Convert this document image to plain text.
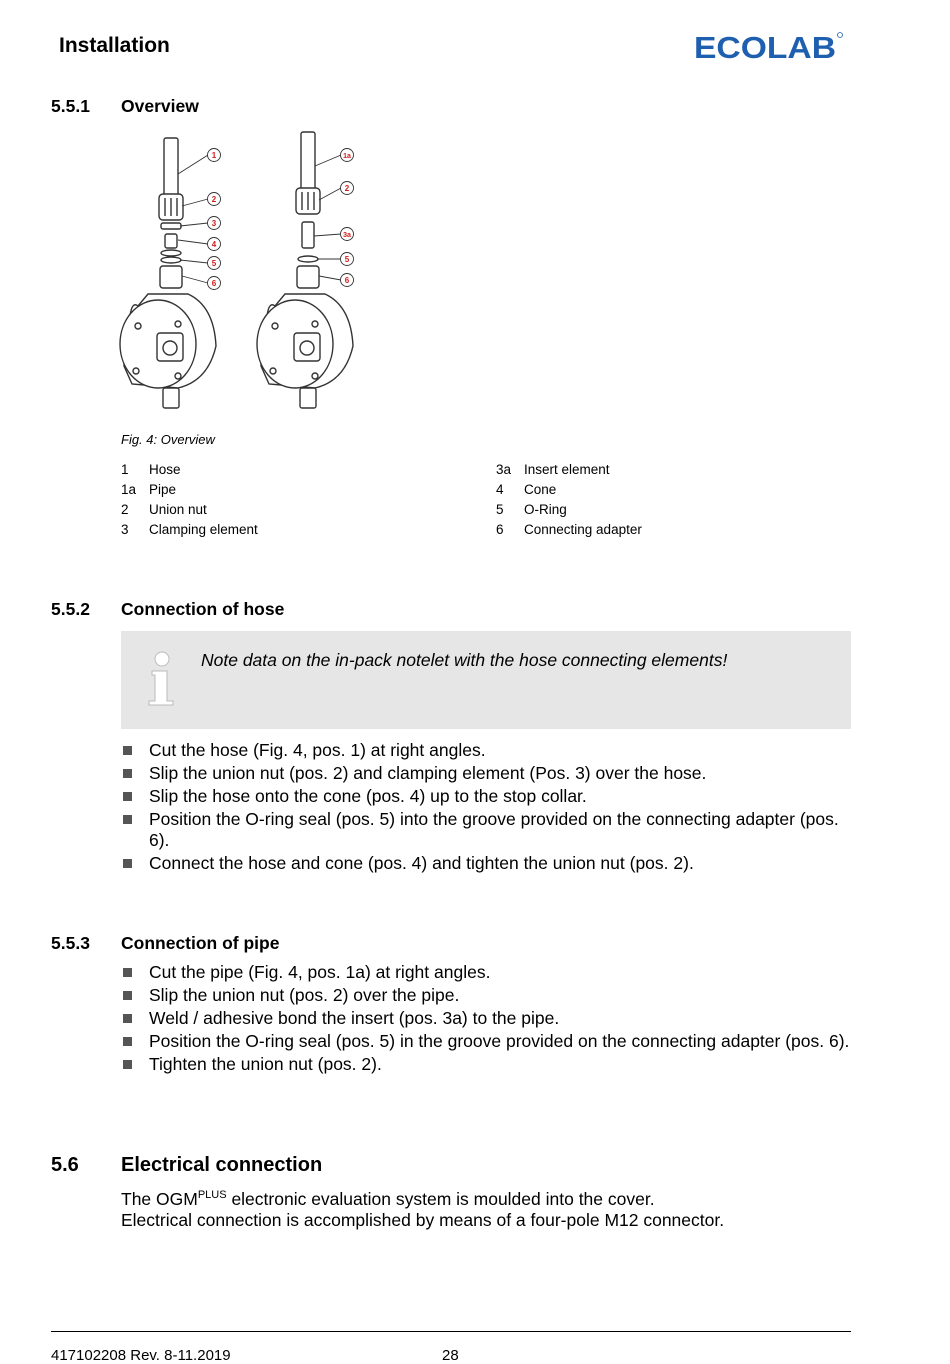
Installation	ECOLAB
5.5.1 Overview
1
2
3
4
5
6
1a
2
3a
5
6
Fig. 4: Overview
1	Hose
1a Pipe
2	Union nut
3	Clamping element
3a Insert element
4	Cone
5	O-Ring
6	Connecting adapter
5.5.2 Connection of hose
Note data on the in-pack notelet with the hose connecting elements!
Cut the hose (Fig. 4, pos. 1) at right angles.
Slip the union nut (pos. 2) and clamping element (Pos. 3) over the hose.
Slip the hose onto the cone (pos. 4) up to the stop collar.
Position the O-ring seal (pos. 5) into the groove provided on the connecting adapter (pos. 6).
Connect the hose and cone (pos. 4) and tighten the union nut (pos. 2).
5.5.3 Connection of pipe
Cut the pipe (Fig. 4, pos. 1a) at right angles.
Slip the union nut (pos. 2) over the pipe.
Weld / adhesive bond the insert (pos. 3a) to the pipe.
Position the O-ring seal (pos. 5) in the groove provided on the connecting adapter (pos. 6).
Tighten the union nut (pos. 2).
5.6 Electrical connection
The $OGM^{PLUS}$ electronic evaluation system is moulded into the cover.
Electrical connection is accomplished by means of a four-pole M12 connector.
417102208 Rev. 8-11.2019	28
